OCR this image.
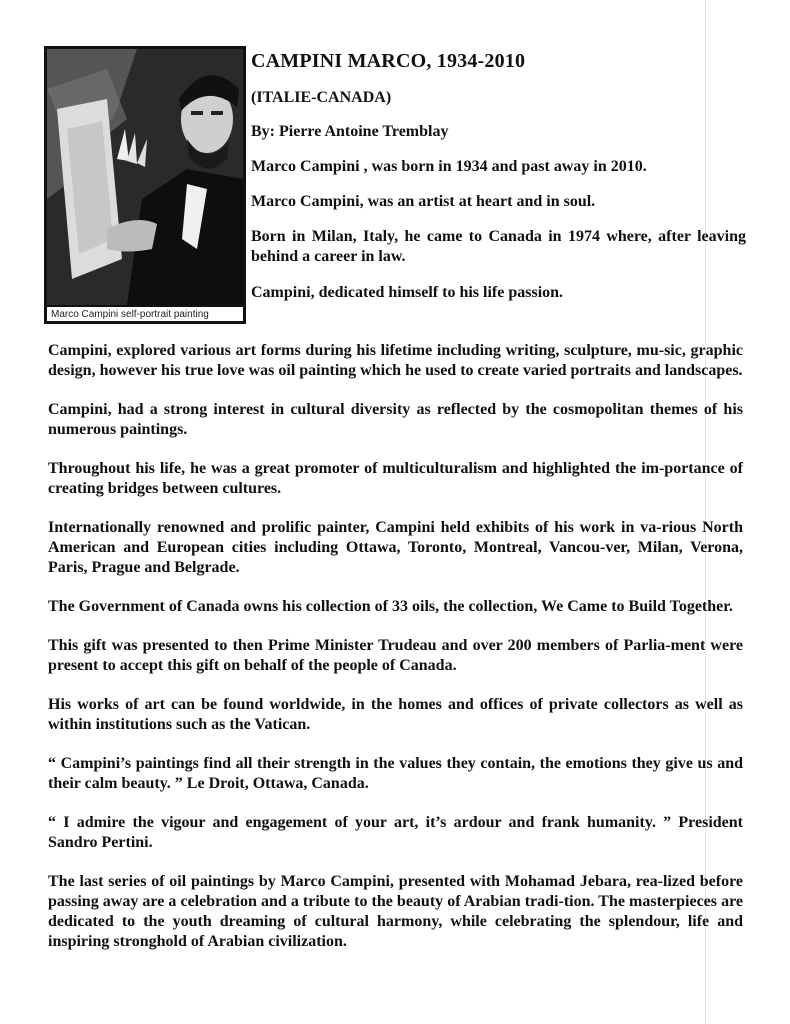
Marco Campini self-portrait painting
CAMPINI MARCO, 1934-2010
(ITALIE-CANADA)
By: Pierre Antoine Tremblay
Marco Campini , was born in 1934 and past away in 2010.
Marco Campini, was an artist at heart and in soul.
Born in Milan, Italy, he came to Canada in 1974 where, after leaving behind a career in law.
Campini, dedicated himself to his life passion.
Campini, explored various art forms during his lifetime including writing, sculpture, mu-sic, graphic design, however his true love was oil painting which he used to create varied portraits and landscapes.
Campini, had a strong interest in cultural diversity as reflected by the cosmopolitan themes of his numerous paintings.
Throughout his life, he was a great promoter of multiculturalism and highlighted the im-portance of creating bridges between cultures.
Internationally renowned and prolific painter, Campini held exhibits of his work in va-rious North American and European cities including Ottawa, Toronto, Montreal, Vancou-ver, Milan, Verona, Paris, Prague and Belgrade.
The Government of Canada owns his collection of 33 oils, the collection, We Came to Build Together.
This gift was presented to then Prime Minister Trudeau and over 200 members of Parlia-ment were present to accept this gift on behalf of the people of Canada.
His works of art can be found worldwide, in the homes and offices of private collectors as well as within institutions such as the Vatican.
“ Campini’s paintings find all their strength in the values they contain, the emotions they give us and their calm beauty. ” Le Droit, Ottawa, Canada.
“ I admire the vigour and engagement of your art, it’s ardour and frank humanity. ” President Sandro Pertini.
The last series of oil paintings by Marco Campini, presented with Mohamad Jebara, rea-lized before passing away are a celebration and a tribute to the beauty of Arabian tradi-tion. The masterpieces are dedicated to the youth dreaming of cultural harmony, while celebrating the splendour, life and inspiring stronghold of Arabian civilization.
